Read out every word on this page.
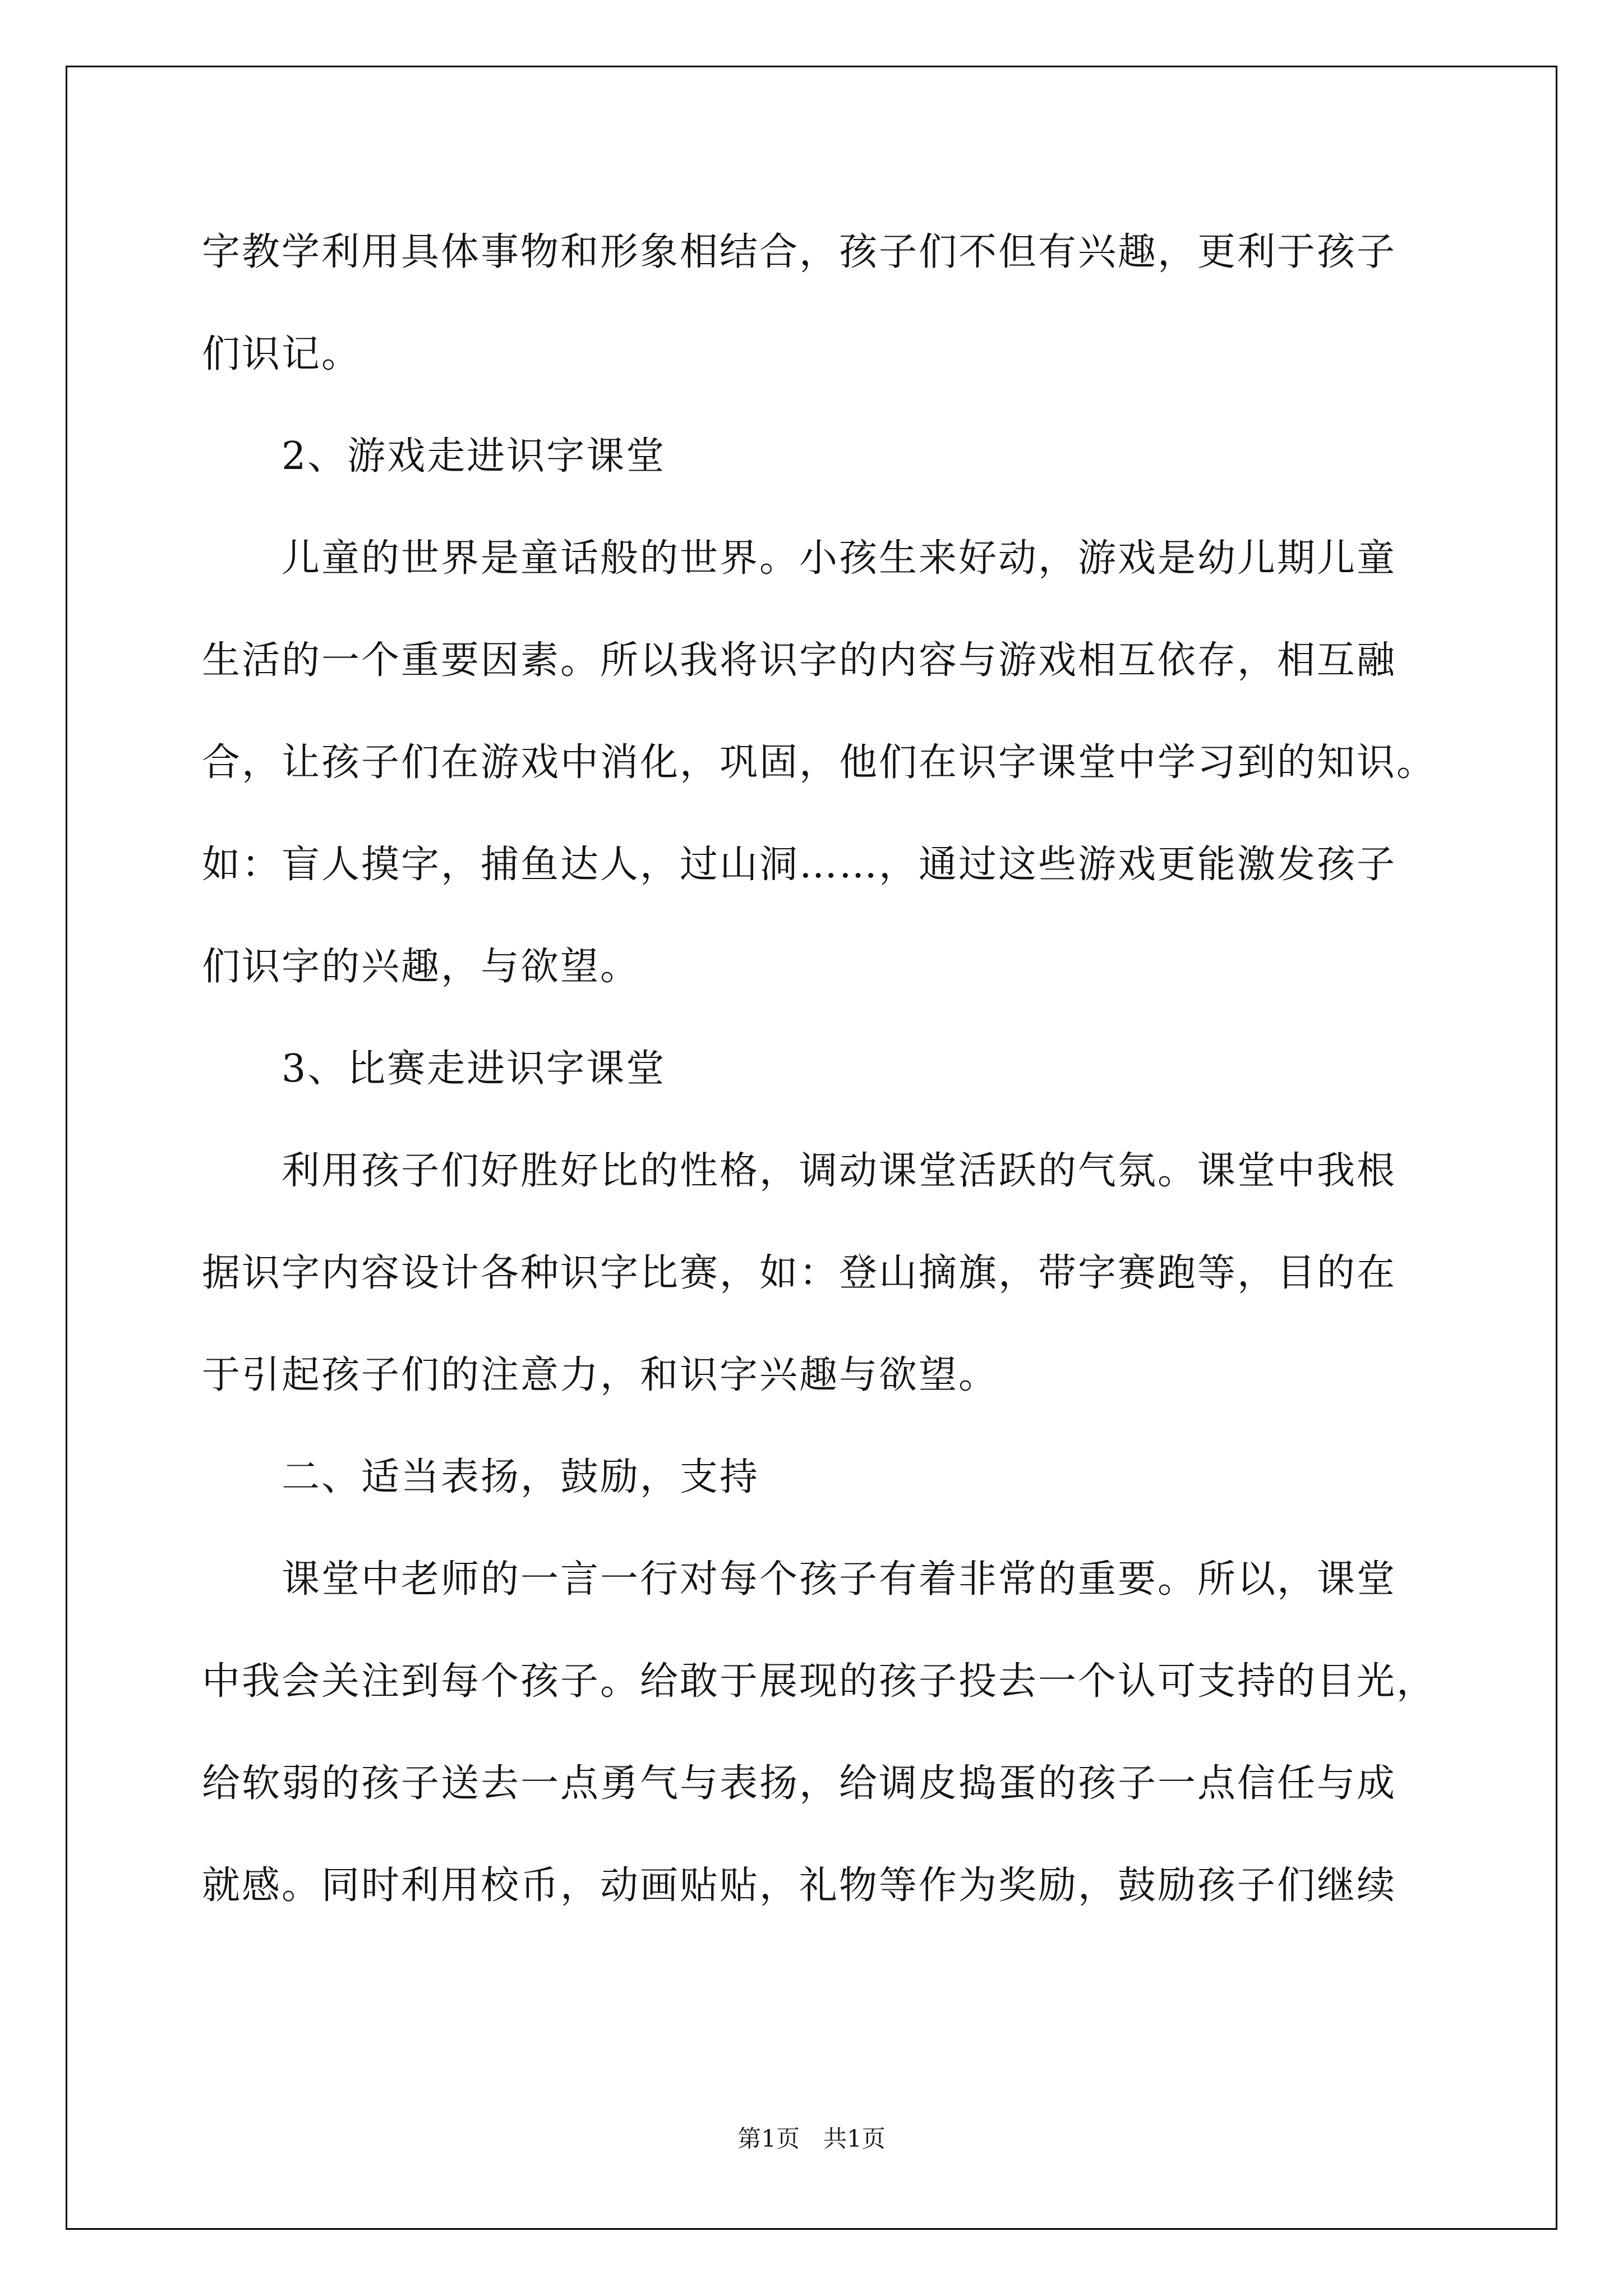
字教学利用具体事物和形象相结合，孩子们不但有兴趣，更利于孩子
们识记。
　　2、游戏走进识字课堂
　　儿童的世界是童话般的世界。小孩生来好动，游戏是幼儿期儿童
生活的一个重要因素。所以我将识字的内容与游戏相互依存，相互融
合，让孩子们在游戏中消化，巩固，他们在识字课堂中学习到的知识。
如：盲人摸字，捕鱼达人，过山洞……，通过这些游戏更能激发孩子
们识字的兴趣，与欲望。
　　3、比赛走进识字课堂
　　利用孩子们好胜好比的性格，调动课堂活跃的气氛。课堂中我根
据识字内容设计各种识字比赛，如：登山摘旗，带字赛跑等，目的在
于引起孩子们的注意力，和识字兴趣与欲望。
　　二、适当表扬，鼓励，支持
　　课堂中老师的一言一行对每个孩子有着非常的重要。所以，课堂
中我会关注到每个孩子。给敢于展现的孩子投去一个认可支持的目光，
给软弱的孩子送去一点勇气与表扬，给调皮捣蛋的孩子一点信任与成
就感。同时利用校币，动画贴贴，礼物等作为奖励，鼓励孩子们继续
第1页　共1页
